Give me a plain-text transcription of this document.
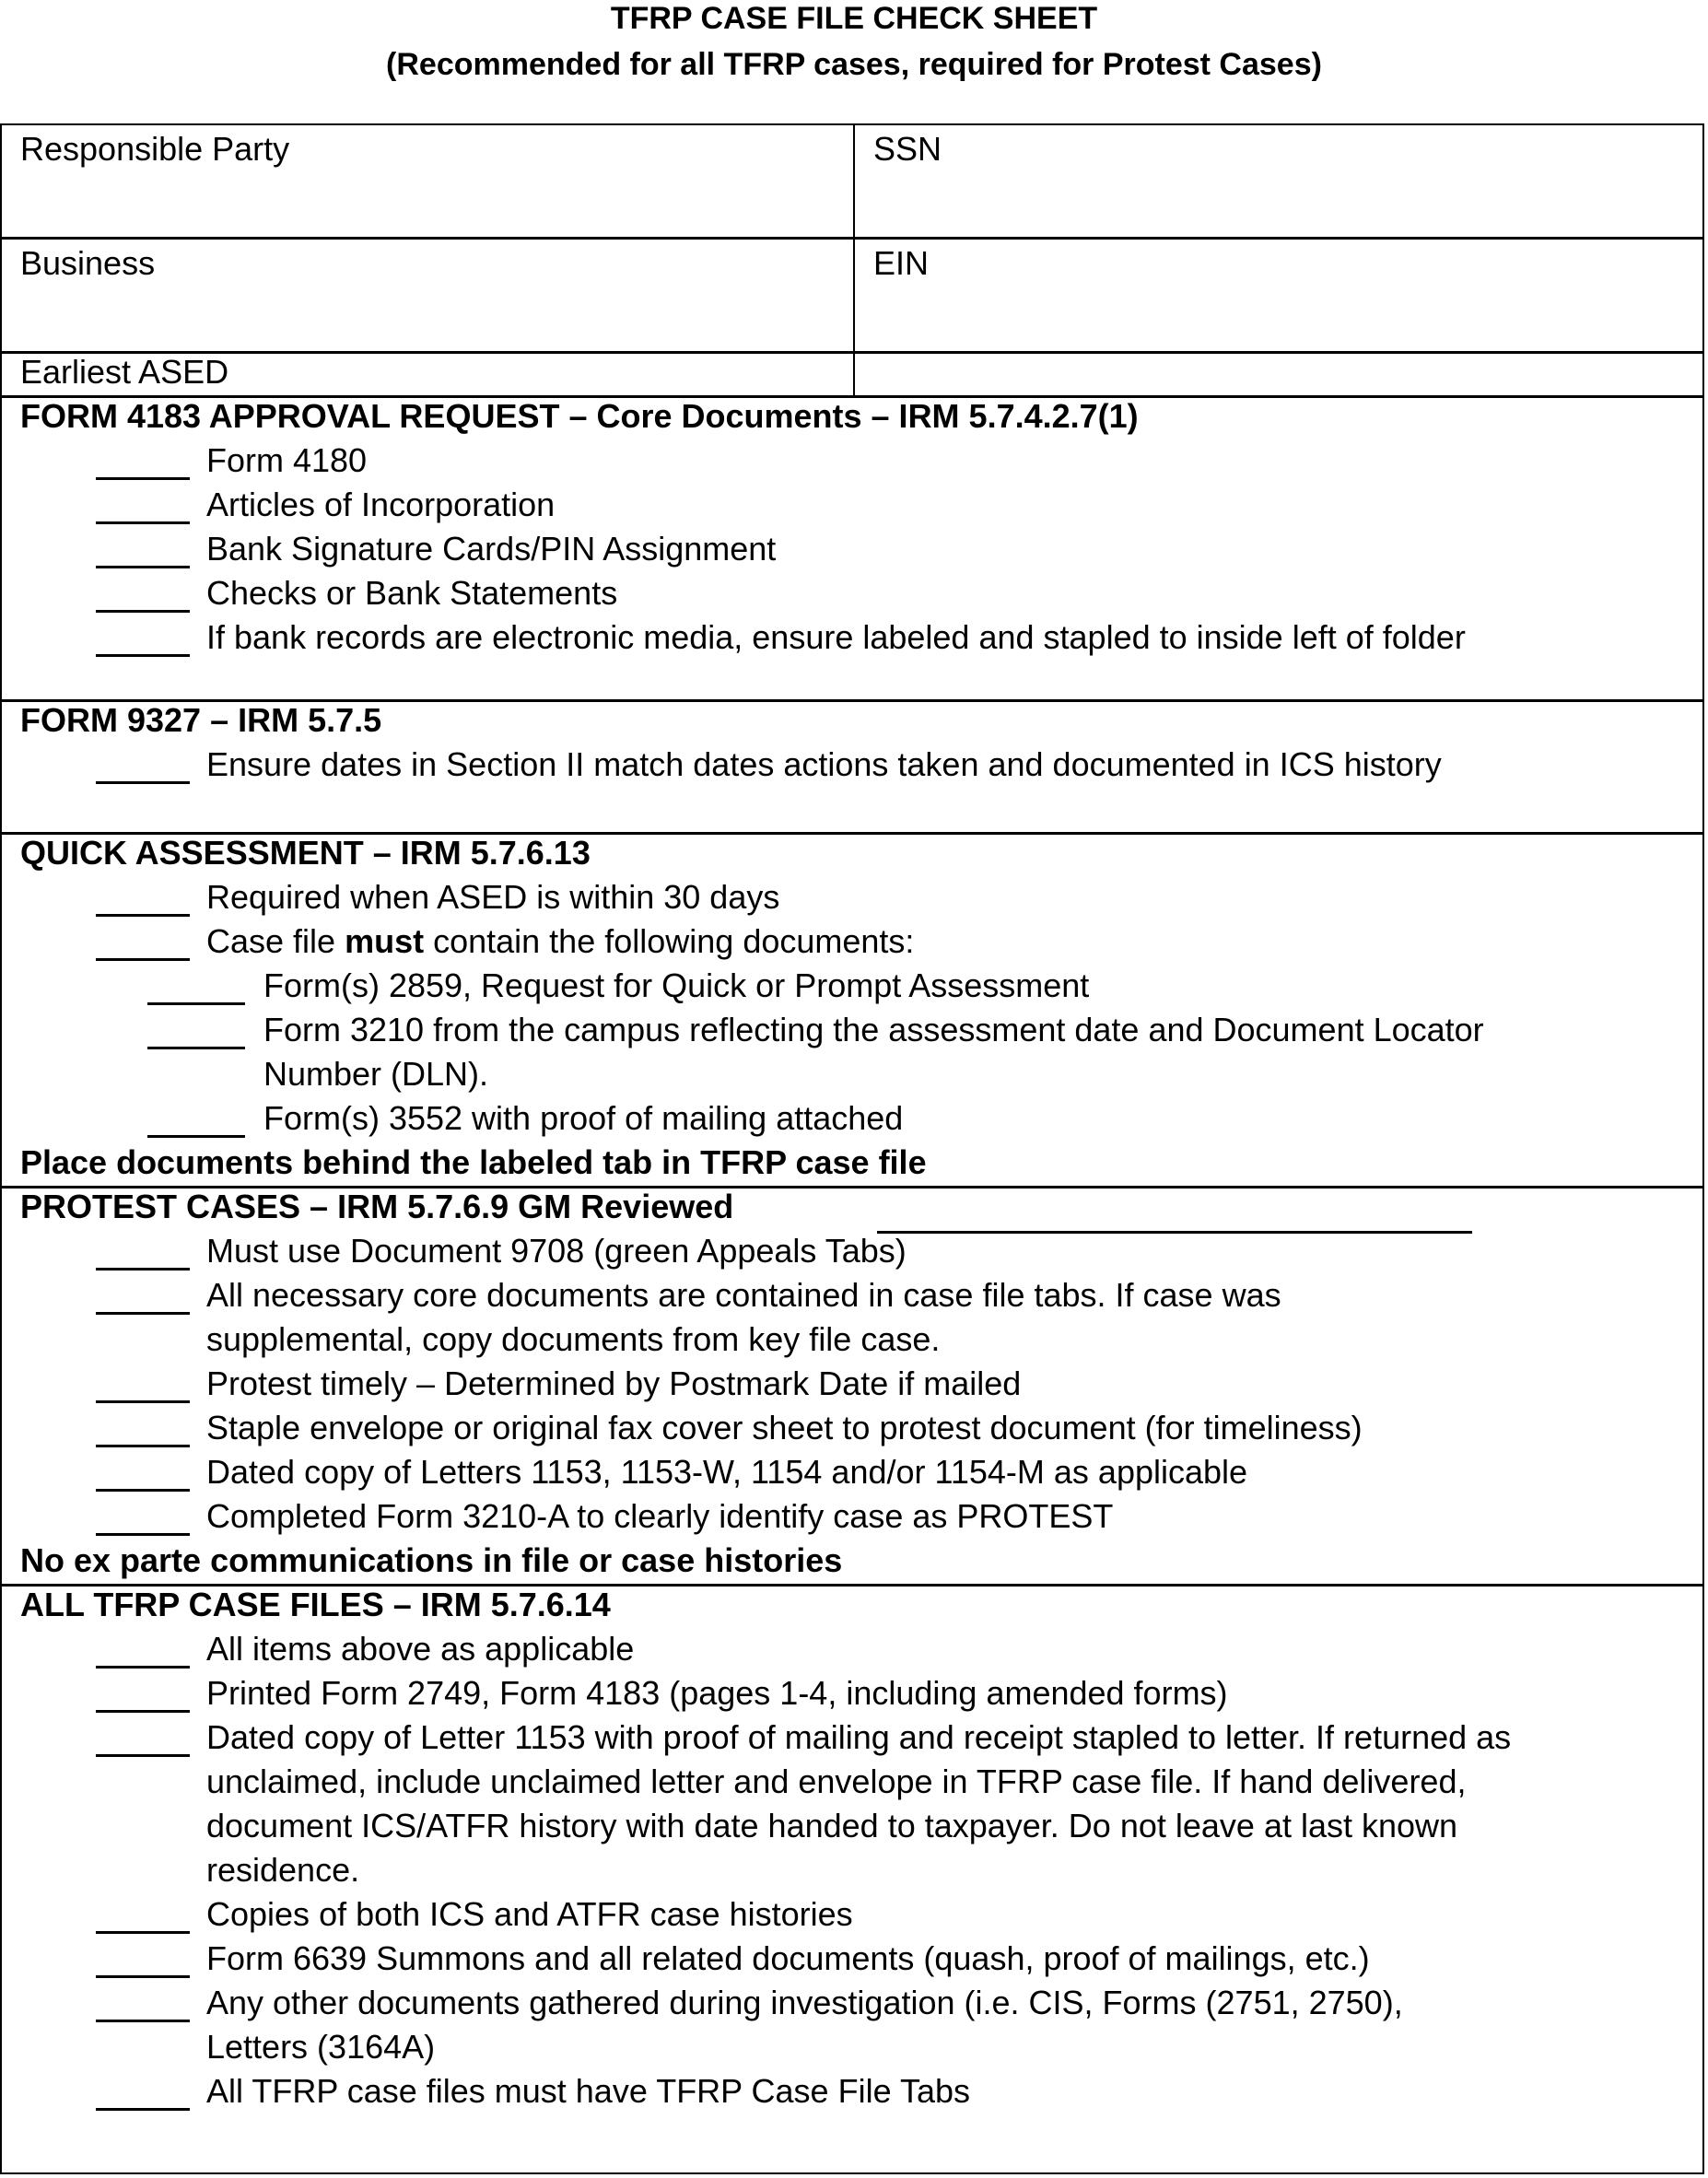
TFRP CASE FILE CHECK SHEET
(Recommended for all TFRP cases, required for Protest Cases)
Responsible Party	SSN
Business	EIN
Earliest ASED
FORM 4183 APPROVAL REQUEST – Core Documents – IRM 5.7.4.2.7(1)
Form 4180
Articles of Incorporation
Bank Signature Cards/PIN Assignment
Checks or Bank Statements
If bank records are electronic media, ensure labeled and stapled to inside left of folder
FORM 9327 – IRM 5.7.5
Ensure dates in Section II match dates actions taken and documented in ICS history
QUICK ASSESSMENT – IRM 5.7.6.13
Required when ASED is within 30 days
Case file must contain the following documents:
Form(s) 2859, Request for Quick or Prompt Assessment
Form 3210 from the campus reflecting the assessment date and Document Locator Number (DLN).
Form(s) 3552 with proof of mailing attached
Place documents behind the labeled tab in TFRP case file
PROTEST CASES – IRM 5.7.6.9 GM Reviewed
Must use Document 9708 (green Appeals Tabs)
All necessary core documents are contained in case file tabs. If case was supplemental, copy documents from key file case.
Protest timely – Determined by Postmark Date if mailed
Staple envelope or original fax cover sheet to protest document (for timeliness)
Dated copy of Letters 1153, 1153-W, 1154 and/or 1154-M as applicable
Completed Form 3210-A to clearly identify case as PROTEST
No ex parte communications in file or case histories
ALL TFRP CASE FILES – IRM 5.7.6.14
All items above as applicable
Printed Form 2749, Form 4183 (pages 1-4, including amended forms)
Dated copy of Letter 1153 with proof of mailing and receipt stapled to letter. If returned as unclaimed, include unclaimed letter and envelope in TFRP case file. If hand delivered, document ICS/ATFR history with date handed to taxpayer. Do not leave at last known residence.
Copies of both ICS and ATFR case histories
Form 6639 Summons and all related documents (quash, proof of mailings, etc.)
Any other documents gathered during investigation (i.e. CIS, Forms (2751, 2750), Letters (3164A)
All TFRP case files must have TFRP Case File Tabs
